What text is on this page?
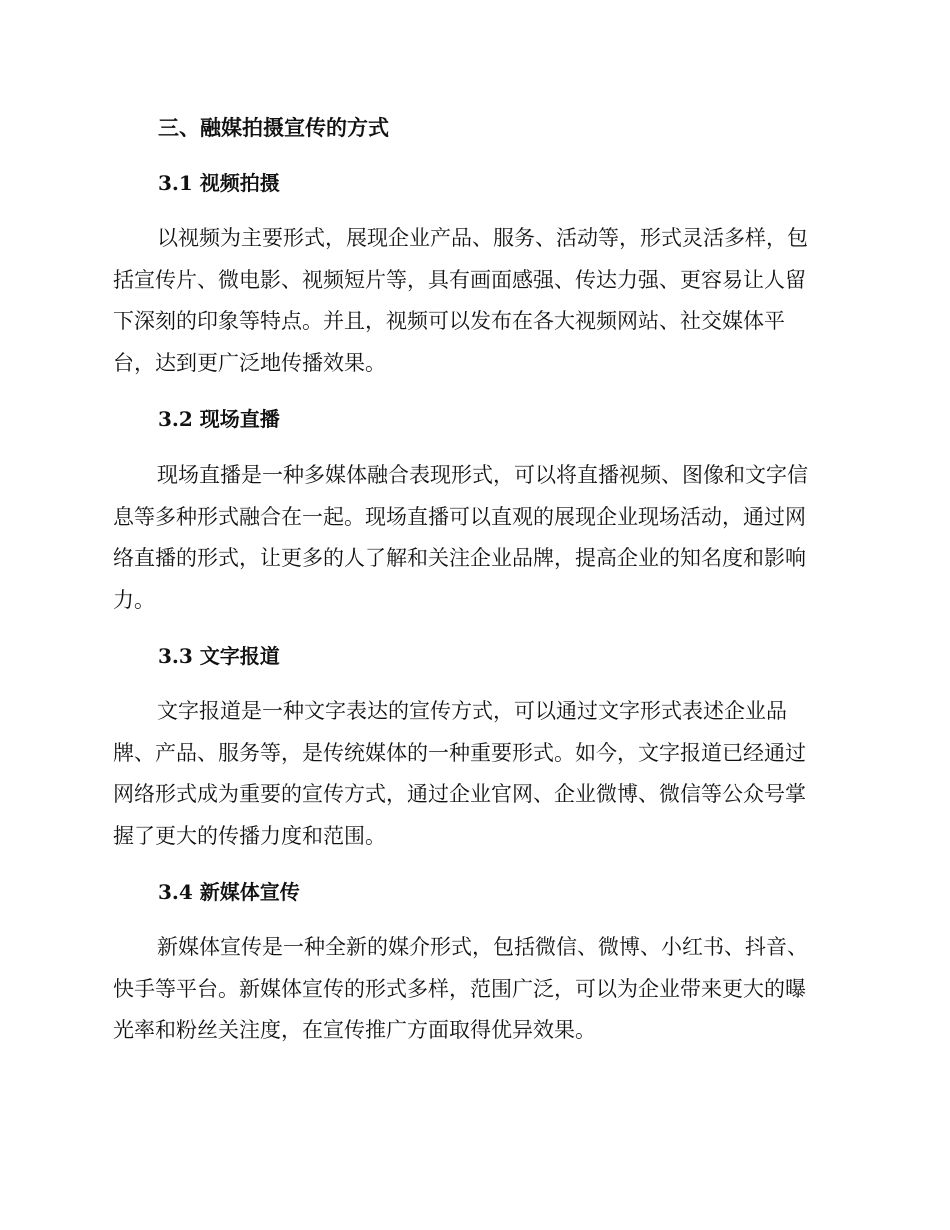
三、融媒拍摄宣传的方式
3.1 视频拍摄

以视频为主要形式，展现企业产品、服务、活动等，形式灵活多样，包
括宣传片、微电影、视频短片等，具有画面感强、传达力强、更容易让人留
下深刻的印象等特点。并且，视频可以发布在各大视频网站、社交媒体平
台，达到更广泛地传播效果。

3.2 现场直播

现场直播是一种多媒体融合表现形式，可以将直播视频、图像和文字信
息等多种形式融合在一起。现场直播可以直观的展现企业现场活动，通过网
络直播的形式，让更多的人了解和关注企业品牌，提高企业的知名度和影响
力。

3.3 文字报道

文字报道是一种文字表达的宣传方式，可以通过文字形式表述企业品
牌、产品、服务等，是传统媒体的一种重要形式。如今，文字报道已经通过
网络形式成为重要的宣传方式，通过企业官网、企业微博、微信等公众号掌
握了更大的传播力度和范围。

3.4 新媒体宣传

新媒体宣传是一种全新的媒介形式，包括微信、微博、小红书、抖音、
快手等平台。新媒体宣传的形式多样，范围广泛，可以为企业带来更大的曝
光率和粉丝关注度，在宣传推广方面取得优异效果。
